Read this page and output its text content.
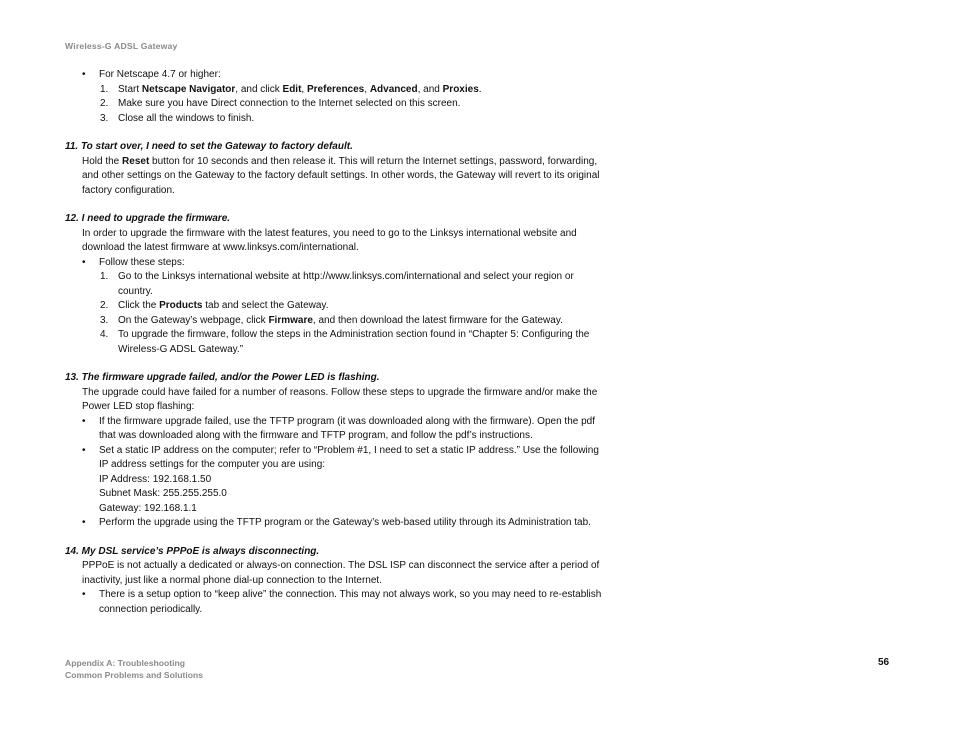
Wireless-G ADSL Gateway
• For Netscape 4.7 or higher:
1. Start Netscape Navigator, and click Edit, Preferences, Advanced, and Proxies.
2. Make sure you have Direct connection to the Internet selected on this screen.
3. Close all the windows to finish.
11. To start over, I need to set the Gateway to factory default.
Hold the Reset button for 10 seconds and then release it. This will return the Internet settings, password, forwarding, and other settings on the Gateway to the factory default settings. In other words, the Gateway will revert to its original factory configuration.
12. I need to upgrade the firmware.
In order to upgrade the firmware with the latest features, you need to go to the Linksys international website and download the latest firmware at www.linksys.com/international.
• Follow these steps:
1. Go to the Linksys international website at http://www.linksys.com/international and select your region or country.
2. Click the Products tab and select the Gateway.
3. On the Gateway’s webpage, click Firmware, and then download the latest firmware for the Gateway.
4. To upgrade the firmware, follow the steps in the Administration section found in “Chapter 5: Configuring the Wireless-G ADSL Gateway.”
13. The firmware upgrade failed, and/or the Power LED is flashing.
The upgrade could have failed for a number of reasons. Follow these steps to upgrade the firmware and/or make the Power LED stop flashing:
• If the firmware upgrade failed, use the TFTP program (it was downloaded along with the firmware). Open the pdf that was downloaded along with the firmware and TFTP program, and follow the pdf’s instructions.
• Set a static IP address on the computer; refer to “Problem #1, I need to set a static IP address.” Use the following IP address settings for the computer you are using:
IP Address: 192.168.1.50
Subnet Mask: 255.255.255.0
Gateway: 192.168.1.1
• Perform the upgrade using the TFTP program or the Gateway’s web-based utility through its Administration tab.
14. My DSL service’s PPPoE is always disconnecting.
PPPoE is not actually a dedicated or always-on connection. The DSL ISP can disconnect the service after a period of inactivity, just like a normal phone dial-up connection to the Internet.
• There is a setup option to “keep alive” the connection. This may not always work, so you may need to re-establish connection periodically.
Appendix A: Troubleshooting
Common Problems and Solutions
56
